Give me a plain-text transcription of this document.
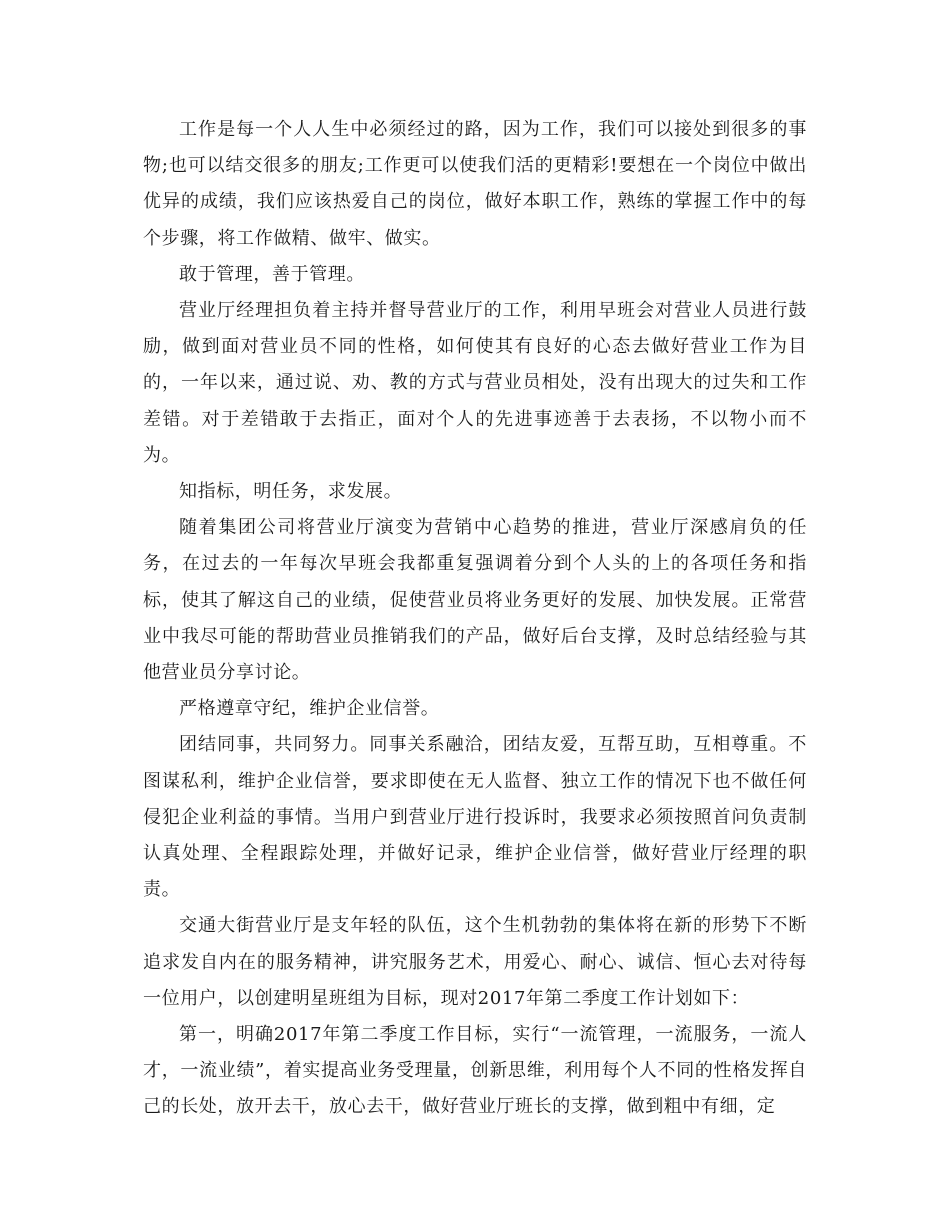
工作是每一个人人生中必须经过的路，因为工作，我们可以接处到很多的事物;也可以结交很多的朋友;工作更可以使我们活的更精彩!要想在一个岗位中做出优异的成绩，我们应该热爱自己的岗位，做好本职工作，熟练的掌握工作中的每个步骤，将工作做精、做牢、做实。

敢于管理，善于管理。

营业厅经理担负着主持并督导营业厅的工作，利用早班会对营业人员进行鼓励，做到面对营业员不同的性格，如何使其有良好的心态去做好营业工作为目的，一年以来，通过说、劝、教的方式与营业员相处，没有出现大的过失和工作差错。对于差错敢于去指正，面对个人的先进事迹善于去表扬，不以物小而不为。

知指标，明任务，求发展。

随着集团公司将营业厅演变为营销中心趋势的推进，营业厅深感肩负的任务，在过去的一年每次早班会我都重复强调着分到个人头的上的各项任务和指标，使其了解这自己的业绩，促使营业员将业务更好的发展、加快发展。正常营业中我尽可能的帮助营业员推销我们的产品，做好后台支撑，及时总结经验与其他营业员分享讨论。

严格遵章守纪，维护企业信誉。

团结同事，共同努力。同事关系融洽，团结友爱，互帮互助，互相尊重。不图谋私利，维护企业信誉，要求即使在无人监督、独立工作的情况下也不做任何侵犯企业利益的事情。当用户到营业厅进行投诉时，我要求必须按照首问负责制认真处理、全程跟踪处理，并做好记录，维护企业信誉，做好营业厅经理的职责。

交通大街营业厅是支年轻的队伍，这个生机勃勃的集体将在新的形势下不断追求发自内在的服务精神，讲究服务艺术，用爱心、耐心、诚信、恒心去对待每一位用户，以创建明星班组为目标，现对2017年第二季度工作计划如下：

第一，明确2017年第二季度工作目标，实行“一流管理，一流服务，一流人才，一流业绩”，着实提高业务受理量，创新思维，利用每个人不同的性格发挥自己的长处，放开去干，放心去干，做好营业厅班长的支撑，做到粗中有细，定
